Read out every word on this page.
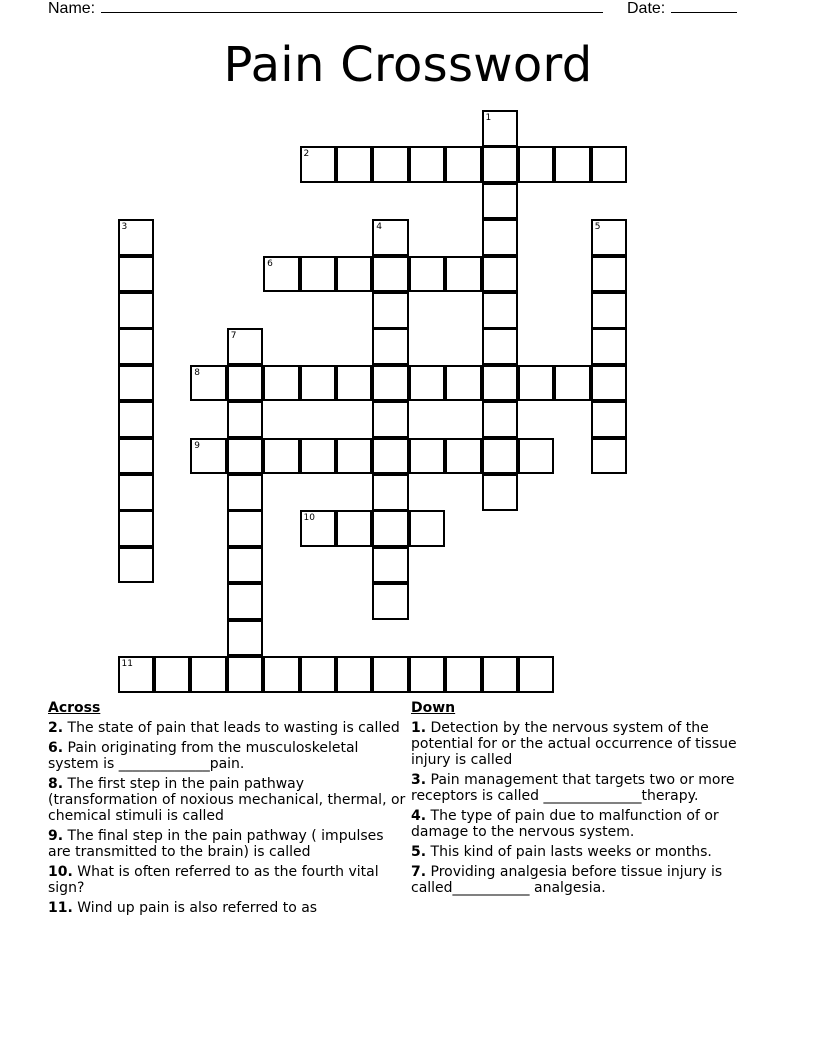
Name:	Date:
Pain Crossword
1
2
3	4	5
6
7
8
9
10
11
Across
2. The state of pain that leads to wasting is called
6. Pain originating from the musculoskeletal system is _____________pain.
8. The first step in the pain pathway (transformation of noxious mechanical, thermal, or chemical stimuli is called
9. The final step in the pain pathway ( impulses are transmitted to the brain) is called
10. What is often referred to as the fourth vital sign?
11. Wind up pain is also referred to as
Down
1. Detection by the nervous system of the potential for or the actual occurrence of tissue injury is called
3. Pain management that targets two or more receptors is called ______________therapy.
4. The type of pain due to malfunction of or damage to the nervous system.
5. This kind of pain lasts weeks or months.
7. Providing analgesia before tissue injury is called___________ analgesia.
